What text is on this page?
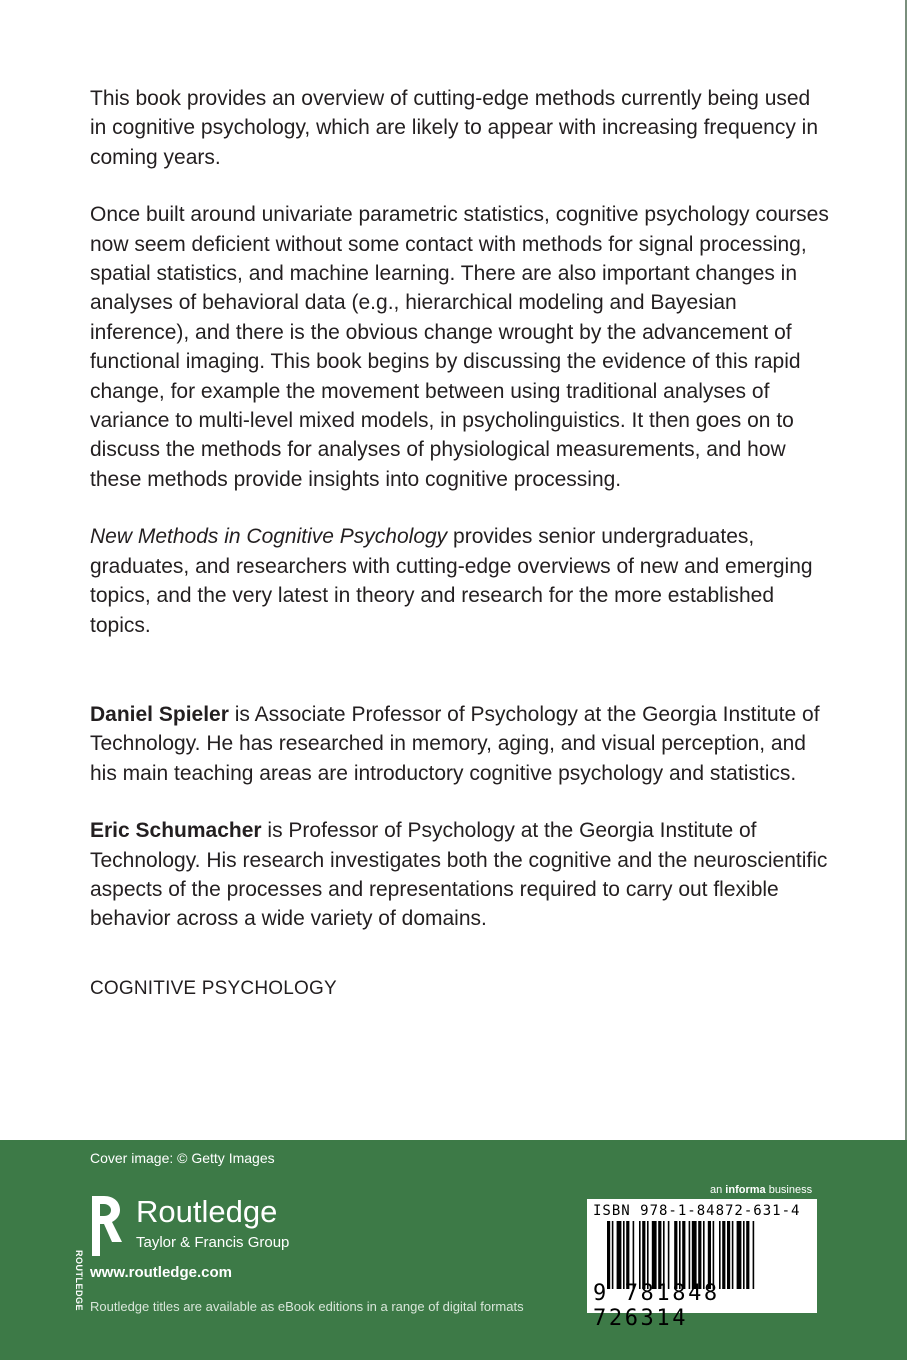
This book provides an overview of cutting-edge methods currently being used in cognitive psychology, which are likely to appear with increasing frequency in coming years.

Once built around univariate parametric statistics, cognitive psychology courses now seem deficient without some contact with methods for signal processing, spatial statistics, and machine learning. There are also important changes in analyses of behavioral data (e.g., hierarchical modeling and Bayesian inference), and there is the obvious change wrought by the advancement of functional imaging. This book begins by discussing the evidence of this rapid change, for example the movement between using traditional analyses of variance to multi-level mixed models, in psycholinguistics. It then goes on to discuss the methods for analyses of physiological measurements, and how these methods provide insights into cognitive processing.

New Methods in Cognitive Psychology provides senior undergraduates, graduates, and researchers with cutting-edge overviews of new and emerging topics, and the very latest in theory and research for the more established topics.

Daniel Spieler is Associate Professor of Psychology at the Georgia Institute of Technology. He has researched in memory, aging, and visual perception, and his main teaching areas are introductory cognitive psychology and statistics.

Eric Schumacher is Professor of Psychology at the Georgia Institute of Technology. His research investigates both the cognitive and the neuroscientific aspects of the processes and representations required to carry out flexible behavior across a wide variety of domains.

COGNITIVE PSYCHOLOGY
Cover image: © Getty Images
ROUTLEDGE
Routledge
Taylor & Francis Group
www.routledge.com
Routledge titles are available as eBook editions in a range of digital formats
an informa business
ISBN 978-1-84872-631-4
9 781848 726314
